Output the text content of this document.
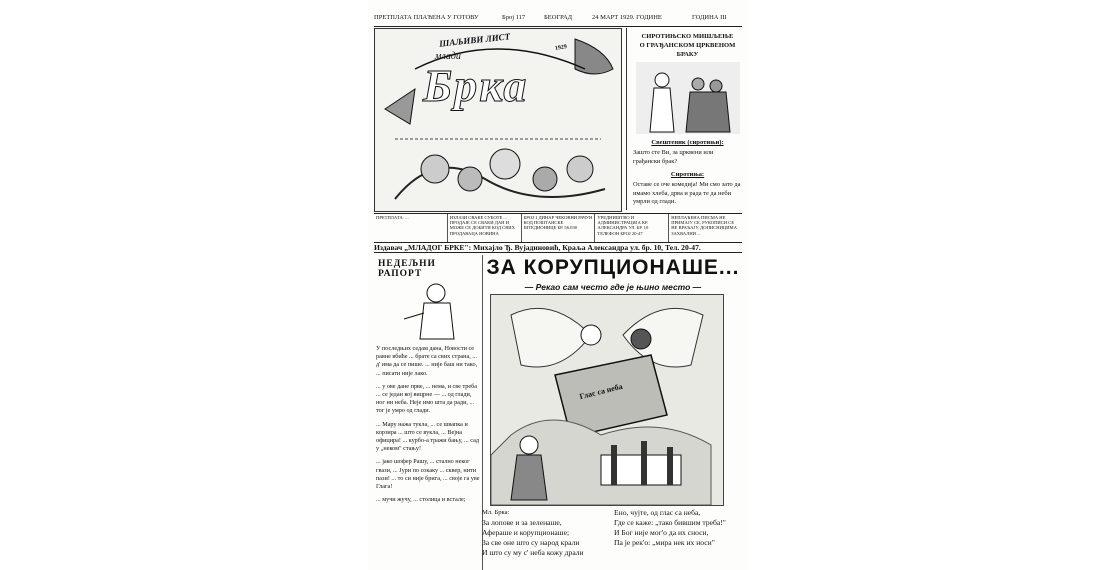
ПРЕТПЛАТА ПЛАЋЕНА У ГОТОВУ	Број 117	БЕОГРАД	24 МАРТ 1929. ГОДИНЕ	ГОДИНА III
ШАЉИВИ ЛИСТ
млади
Брка
1929
СИРОТИЊСКО МИШЉЕЊЕ
О ГРАЂАНСКОМ ЦРКВЕНОМ БРАКУ
Свештеник (сиротињи):
Зашто сте Ви, за црквени или грађански брак?
Сиротиња:
Оставе се оче комедија! Ми смо зато да имамо хлеба, дрва и рада те да неби умрли од глади.
ПРЕТПЛАТА: ...	ИЗЛАЗИ СВАКЕ СУБОТЕ ... ПРОДАЈЕ СЕ СВАКИ ДАН И МОЖЕ СЕ ДОБИТИ КОД СВИХ ПРОДАВАЦА НОВИНА
БРОЈ 1 ДИНАР ЧЕКОВНИ РАЧУН КОД ПОШТАНСКЕ ШТЕДИОНИЦЕ БР. 56.030
УРЕДНИШТВО И АДМИНИСТРАЦИЈА КР. АЛЕКСАНДРА УЛ. БР. 10 ТЕЛЕФОН БРОЈ 20-47
НЕПЛАЋЕНА ПИСМА НЕ ПРИМАЈУ СЕ, РУКОПИСИ СЕ НЕ ВРАЋАЈУ, ДОПИСНИЦИМА ЗАХВАЛНИ ...
Издавач „МЛАДОГ БРКЕ": Михајло Ђ. Вујадиновић, Краља Александра ул. бр. 10, Тел. 20-47.
НЕДЕЉНИ РАПОРТ

У последњих седам дана, Новости се равне вбиће ... брате са свих страна, ... д' има да се пише. ... није баш ни тако, ... писати није лако.

... у ове дане прве, ... нема, и све треба ... се један кој вицрне — ... од глади, ног ни неба. Неје имо шта да ради, ... тог је умро од глади.

... Мару нажа тукла, ... се швапка и корзира ... што се вукла, ... Вејна официра! ... курбо-а тражи бању, ... сад у „неком" стању!

... јако шофер Рашу, ... стално неког гвази, ... Јури по сокаку ... сквер, нити пази! ... то си није брига, ... своје га уве Глага!

... мучи жучу, ... столица и встале;

ЗА КОРУПЦИОНАШЕ...
— Рекао сам често где је њино место —
Глас са неба
Мл. Брка:
За лопове и за зеленаше,
Афераше и корупционаше;
За све оне што су народ крали
И што су му с' неба кожу драли
Ено, чујте, од глас са неба,
Где се каже: „тако бившим треба!"
И Бог није мог'о да их сноси,
Па је рек'о: „мира нек их носи"
